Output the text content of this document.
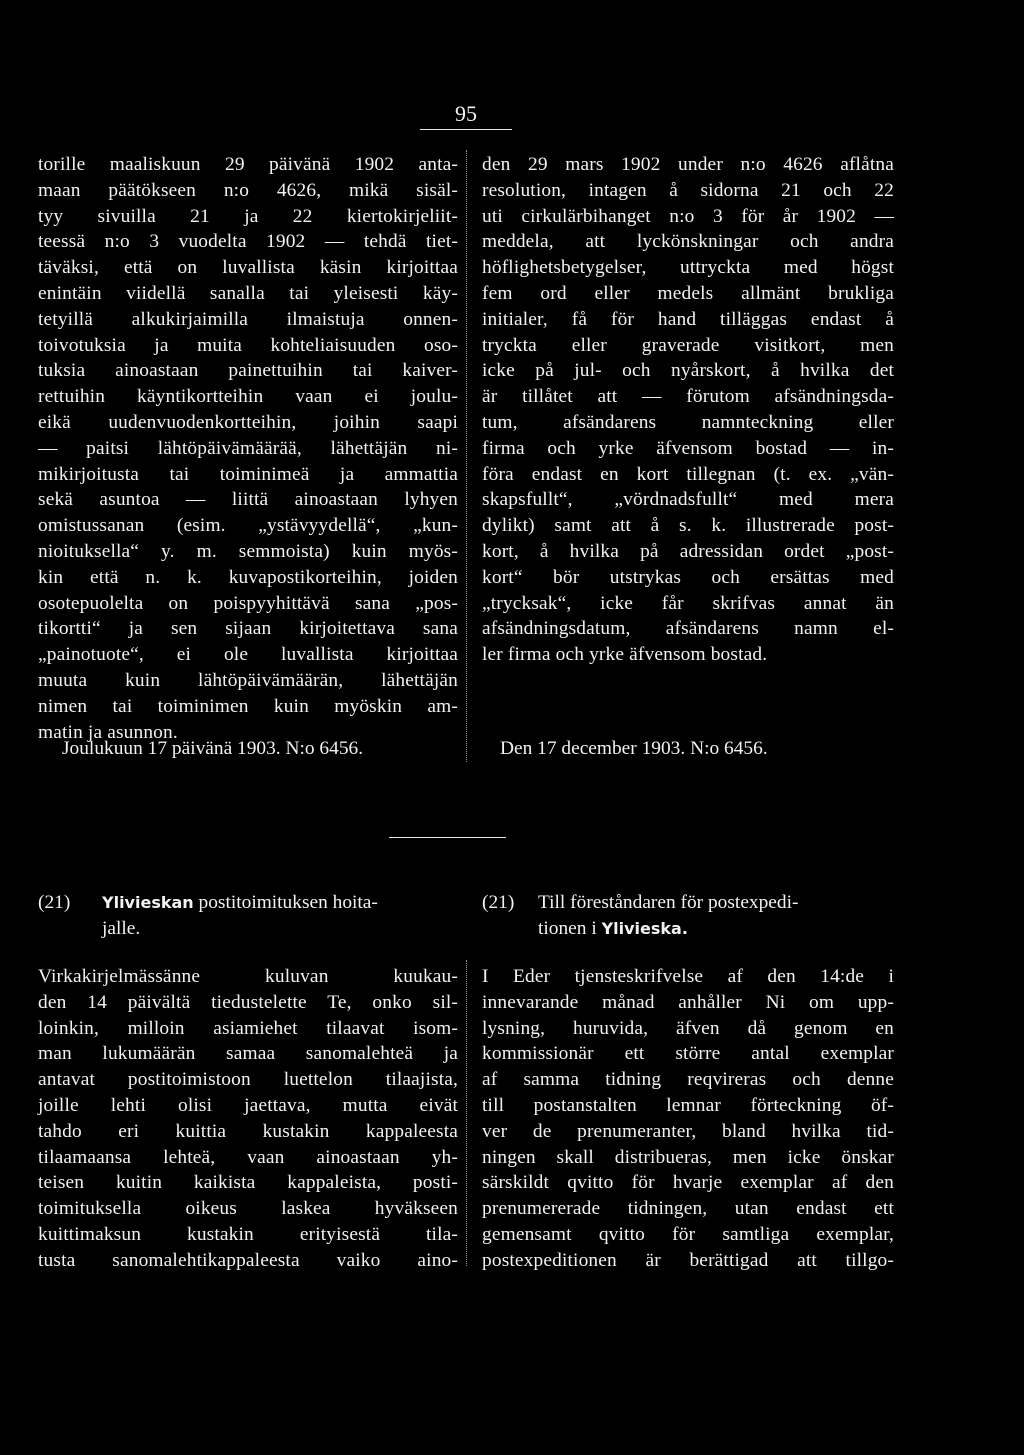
95
torille maaliskuun 29 päivänä 1902 anta-
maan päätökseen n:o 4626, mikä sisäl-
tyy sivuilla 21 ja 22 kiertokirjeliit-
teessä n:o 3 vuodelta 1902 — tehdä tiet-
täväksi, että on luvallista käsin kirjoittaa
enintäin viidellä sanalla tai yleisesti käy-
tetyillä alkukirjaimilla ilmaistuja onnen-
toivotuksia ja muita kohteliaisuuden oso-
tuksia ainoastaan painettuihin tai kaiver-
rettuihin käyntikortteihin vaan ei joulu-
eikä uudenvuodenkortteihin, joihin saapi
— paitsi lähtöpäivämäärää, lähettäjän ni-
mikirjoitusta tai toiminimeä ja ammattia
sekä asuntoa — liittä ainoastaan lyhyen
omistussanan (esim. „ystävyydellä“, „kun-
nioituksella“ y. m. semmoista) kuin myös-
kin että n. k. kuvapostikorteihin, joiden
osotepuolelta on poispyyhittävä sana „pos-
tikortti“ ja sen sijaan kirjoitettava sana
„painotuote“, ei ole luvallista kirjoittaa
muuta kuin lähtöpäivämäärän, lähettäjän
nimen tai toiminimen kuin myöskin am-
matin ja asunnon.
den 29 mars 1902 under n:o 4626 aflåtna
resolution, intagen å sidorna 21 och 22
uti cirkulärbihanget n:o 3 för år 1902 —
meddela, att lyckönskningar och andra
höflighetsbetygelser, uttryckta med högst
fem ord eller medels allmänt brukliga
initialer, få för hand tilläggas endast å
tryckta eller graverade visitkort, men
icke på jul- och nyårskort, å hvilka det
är tillåtet att — förutom afsändningsda-
tum, afsändarens namnteckning eller
firma och yrke äfvensom bostad — in-
föra endast en kort tillegnan (t. ex. „vän-
skapsfullt“, „vördnadsfullt“ med mera
dylikt) samt att å s. k. illustrerade post-
kort, å hvilka på adressidan ordet „post-
kort“ bör utstrykas och ersättas med
„trycksak“, icke får skrifvas annat än
afsändningsdatum, afsändarens namn el-
ler firma och yrke äfvensom bostad.
Joulukuun 17 päivänä 1903. N:o 6456.	Den 17 december 1903. N:o 6456.
(21) Ylivieskan postitoimituksen hoita-
jalle.
(21) Till föreståndaren för postexpedi-
tionen i Ylivieska.
Virkakirjelmässänne kuluvan kuukau-
den 14 päivältä tiedustelette Te, onko sil-
loinkin, milloin asiamiehet tilaavat isom-
man lukumäärän samaa sanomalehteä ja
antavat postitoimistoon luettelon tilaajista,
joille lehti olisi jaettava, mutta eivät
tahdo eri kuittia kustakin kappaleesta
tilaamaansa lehteä, vaan ainoastaan yh-
teisen kuitin kaikista kappaleista, posti-
toimituksella oikeus laskea hyväkseen
kuittimaksun kustakin erityisestä tila-
tusta sanomalehtikappaleesta vaiko aino-
I Eder tjensteskrifvelse af den 14:de i
innevarande månad anhåller Ni om upp-
lysning, huruvida, äfven då genom en
kommissionär ett större antal exemplar
af samma tidning reqvireras och denne
till postanstalten lemnar förteckning öf-
ver de prenumeranter, bland hvilka tid-
ningen skall distribueras, men icke önskar
särskildt qvitto för hvarje exemplar af den
prenumererade tidningen, utan endast ett
gemensamt qvitto för samtliga exemplar,
postexpeditionen är berättigad att tillgo-
